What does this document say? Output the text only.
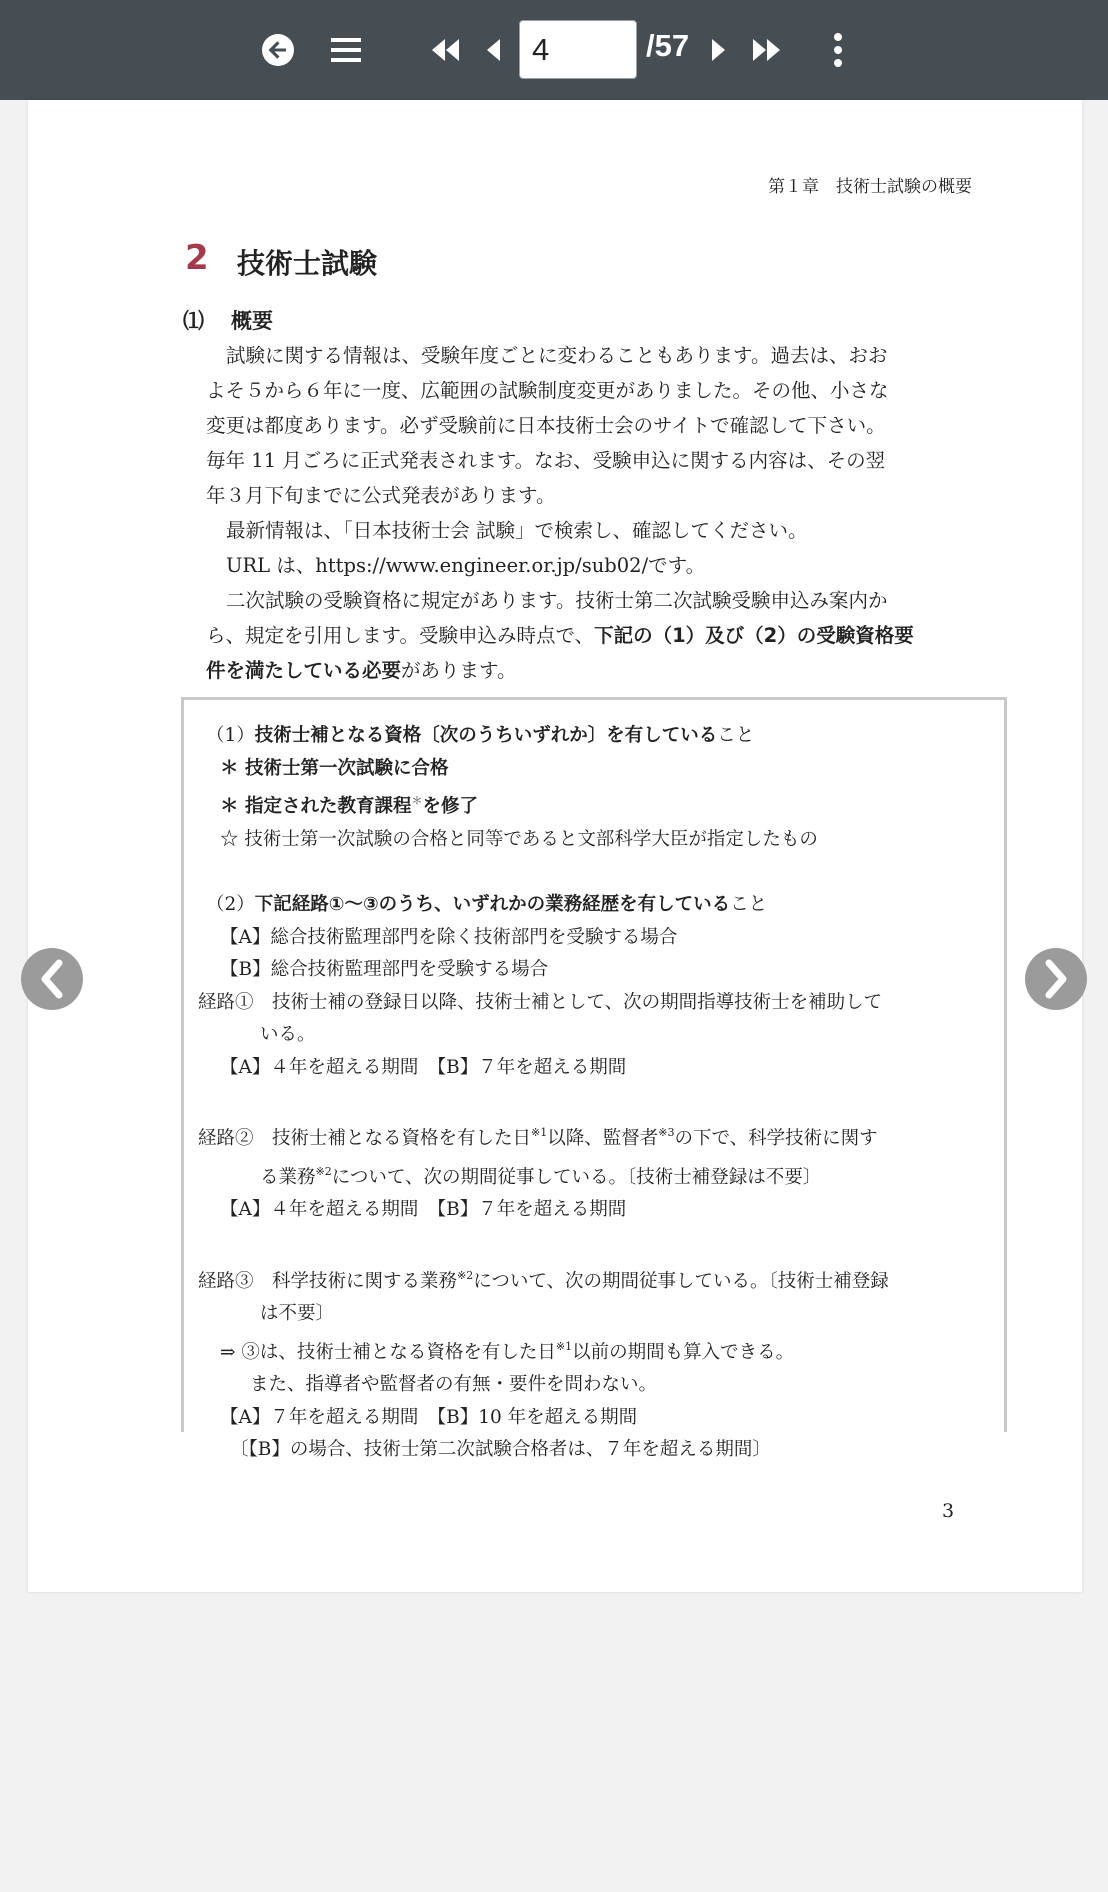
4
/57
第１章　技術士試験の概要
2 技術士試験
⑴ 概要
試験に関する情報は、受験年度ごとに変わることもあります。過去は、おお
よそ５から６年に一度、広範囲の試験制度変更がありました。その他、小さな
変更は都度あります。必ず受験前に日本技術士会のサイトで確認して下さい。
毎年 11 月ごろに正式発表されます。なお、受験申込に関する内容は、その翌
年３月下旬までに公式発表があります。
最新情報は、「日本技術士会 試験」で検索し、確認してください。
URL は、https://www.engineer.or.jp/sub02/です。
二次試験の受験資格に規定があります。技術士第二次試験受験申込み案内か
ら、規定を引用します。受験申込み時点で、下記の（1）及び（2）の受験資格要
件を満たしている必要があります。
（1）技術士補となる資格〔次のうちいずれか〕を有していること
＊ 技術士第一次試験に合格
＊ 指定された教育課程＊を修了
☆ 技術士第一次試験の合格と同等であると文部科学大臣が指定したもの
（2）下記経路①～③のうち、いずれかの業務経歴を有していること
【A】総合技術監理部門を除く技術部門を受験する場合
【B】総合技術監理部門を受験する場合
経路①　技術士補の登録日以降、技術士補として、次の期間指導技術士を補助して
いる。
【A】４年を超える期間　【B】７年を超える期間
経路②　技術士補となる資格を有した日$^{※1}$以降、監督者$^{※3}$の下で、科学技術に関す
る業務$^{※2}$について、次の期間従事している。〔技術士補登録は不要〕
【A】４年を超える期間　【B】７年を超える期間
経路③　科学技術に関する業務$^{※2}$について、次の期間従事している。〔技術士補登録
は不要〕
⇒ ③は、技術士補となる資格を有した日$^{※1}$以前の期間も算入できる。
また、指導者や監督者の有無・要件を問わない。
【A】７年を超える期間　【B】10 年を超える期間
〔【B】の場合、技術士第二次試験合格者は、７年を超える期間〕
3
